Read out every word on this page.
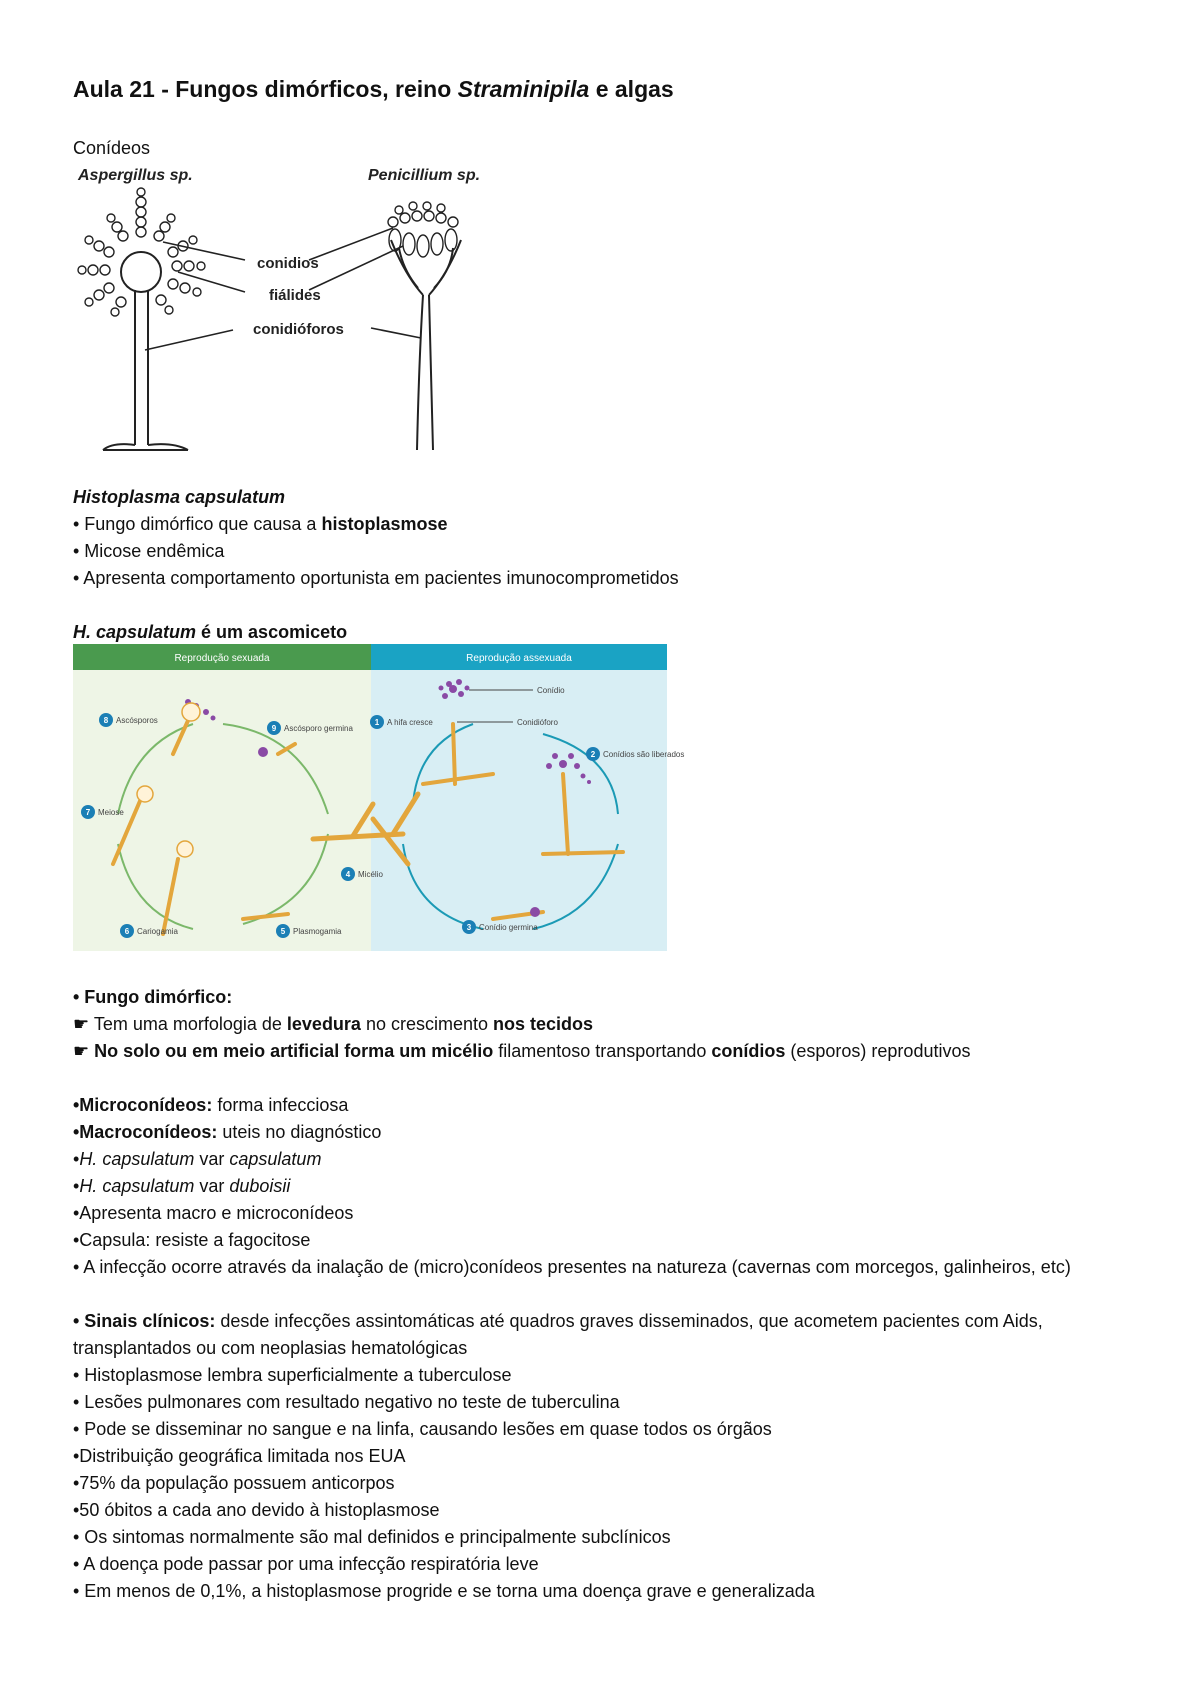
Aula 21 - Fungos dimórficos, reino Straminipila e algas
Conídeos
Aspergillus sp.	Penicillium sp.
conidios
fiálides
conidióforos
Histoplasma capsulatum
• Fungo dimórfico que causa a histoplasmose
• Micose endêmica
• Apresenta comportamento oportunista em pacientes imunocomprometidos
H. capsulatum é um ascomiceto
Reprodução sexuada	Reprodução assexuada
1
2
3
4
5
6
7
8
9
A hifa cresce
Conídios são liberados
Conídio germina
Micélio
Plasmogamia
Cariogamia
Meiose
Ascósporos
Ascósporo germina
Conídio
Conidióforo
• Fungo dimórfico:
☛ Tem uma morfologia de levedura no crescimento nos tecidos
☛ No solo ou em meio artificial forma um micélio filamentoso transportando conídios (esporos) reprodutivos
•Microconídeos: forma infecciosa
•Macroconídeos: uteis no diagnóstico
•H. capsulatum var capsulatum
•H. capsulatum var duboisii
•Apresenta macro e microconídeos
•Capsula: resiste a fagocitose
• A infecção ocorre através da inalação de (micro)conídeos presentes na natureza (cavernas com morcegos, galinheiros, etc)
• Sinais clínicos: desde infecções assintomáticas até quadros graves disseminados, que acometem pacientes com Aids, transplantados ou com neoplasias hematológicas
• Histoplasmose lembra superficialmente a tuberculose
• Lesões pulmonares com resultado negativo no teste de tuberculina
• Pode se disseminar no sangue e na linfa, causando lesões em quase todos os órgãos
•Distribuição geográfica limitada nos EUA
•75% da população possuem anticorpos
•50 óbitos a cada ano devido à histoplasmose
• Os sintomas normalmente são mal definidos e principalmente subclínicos
• A doença pode passar por uma infecção respiratória leve
• Em menos de 0,1%, a histoplasmose progride e se torna uma doença grave e generalizada
